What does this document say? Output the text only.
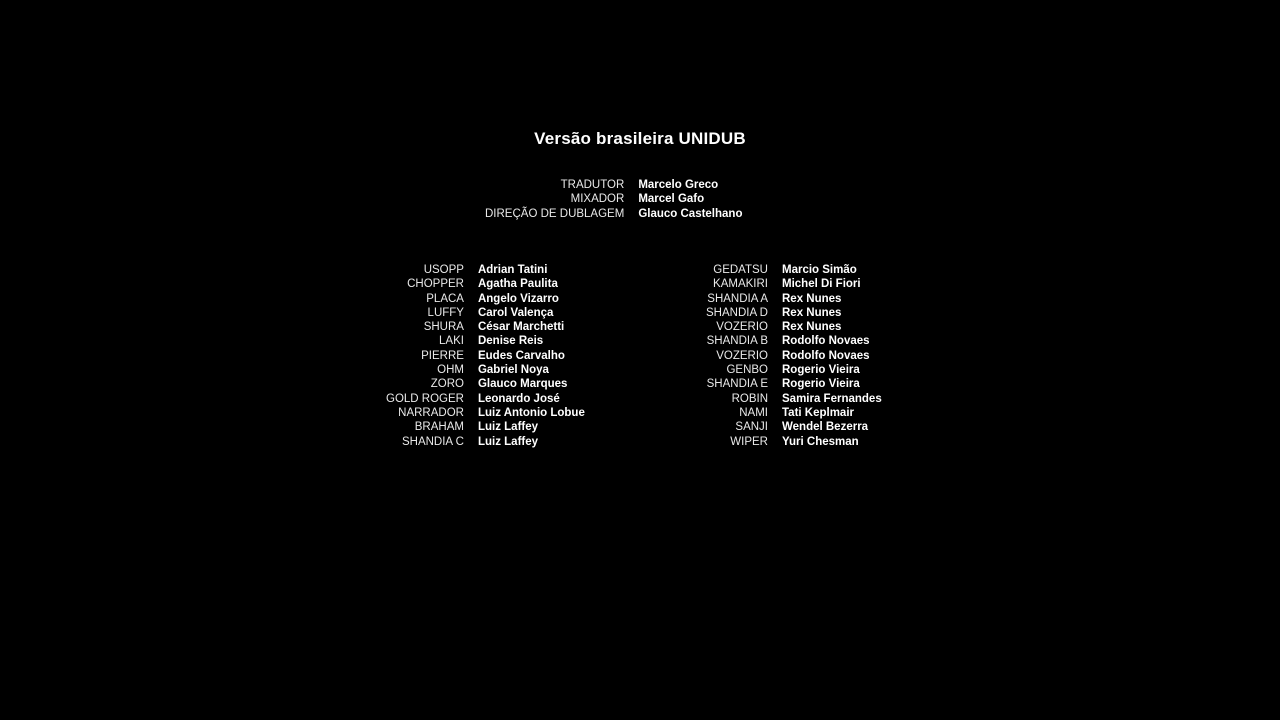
Versão brasileira UNIDUB
TRADUTOR Marcelo Greco
MIXADOR Marcel Gafo
DIREÇÃO DE DUBLAGEM Glauco Castelhano
USOPP Adrian Tatini
CHOPPER Agatha Paulita
PLACA Angelo Vizarro
LUFFY Carol Valença
SHURA César Marchetti
LAKI Denise Reis
PIERRE Eudes Carvalho
OHM Gabriel Noya
ZORO Glauco Marques
GOLD ROGER Leonardo José
NARRADOR Luiz Antonio Lobue
BRAHAM Luiz Laffey
SHANDIA C Luiz Laffey
GEDATSU Marcio Simão
KAMAKIRI Michel Di Fiori
SHANDIA A Rex Nunes
SHANDIA D Rex Nunes
VOZERIO Rex Nunes
SHANDIA B Rodolfo Novaes
VOZERIO Rodolfo Novaes
GENBO Rogerio Vieira
SHANDIA E Rogerio Vieira
ROBIN Samira Fernandes
NAMI Tati Keplmair
SANJI Wendel Bezerra
WIPER Yuri Chesman
